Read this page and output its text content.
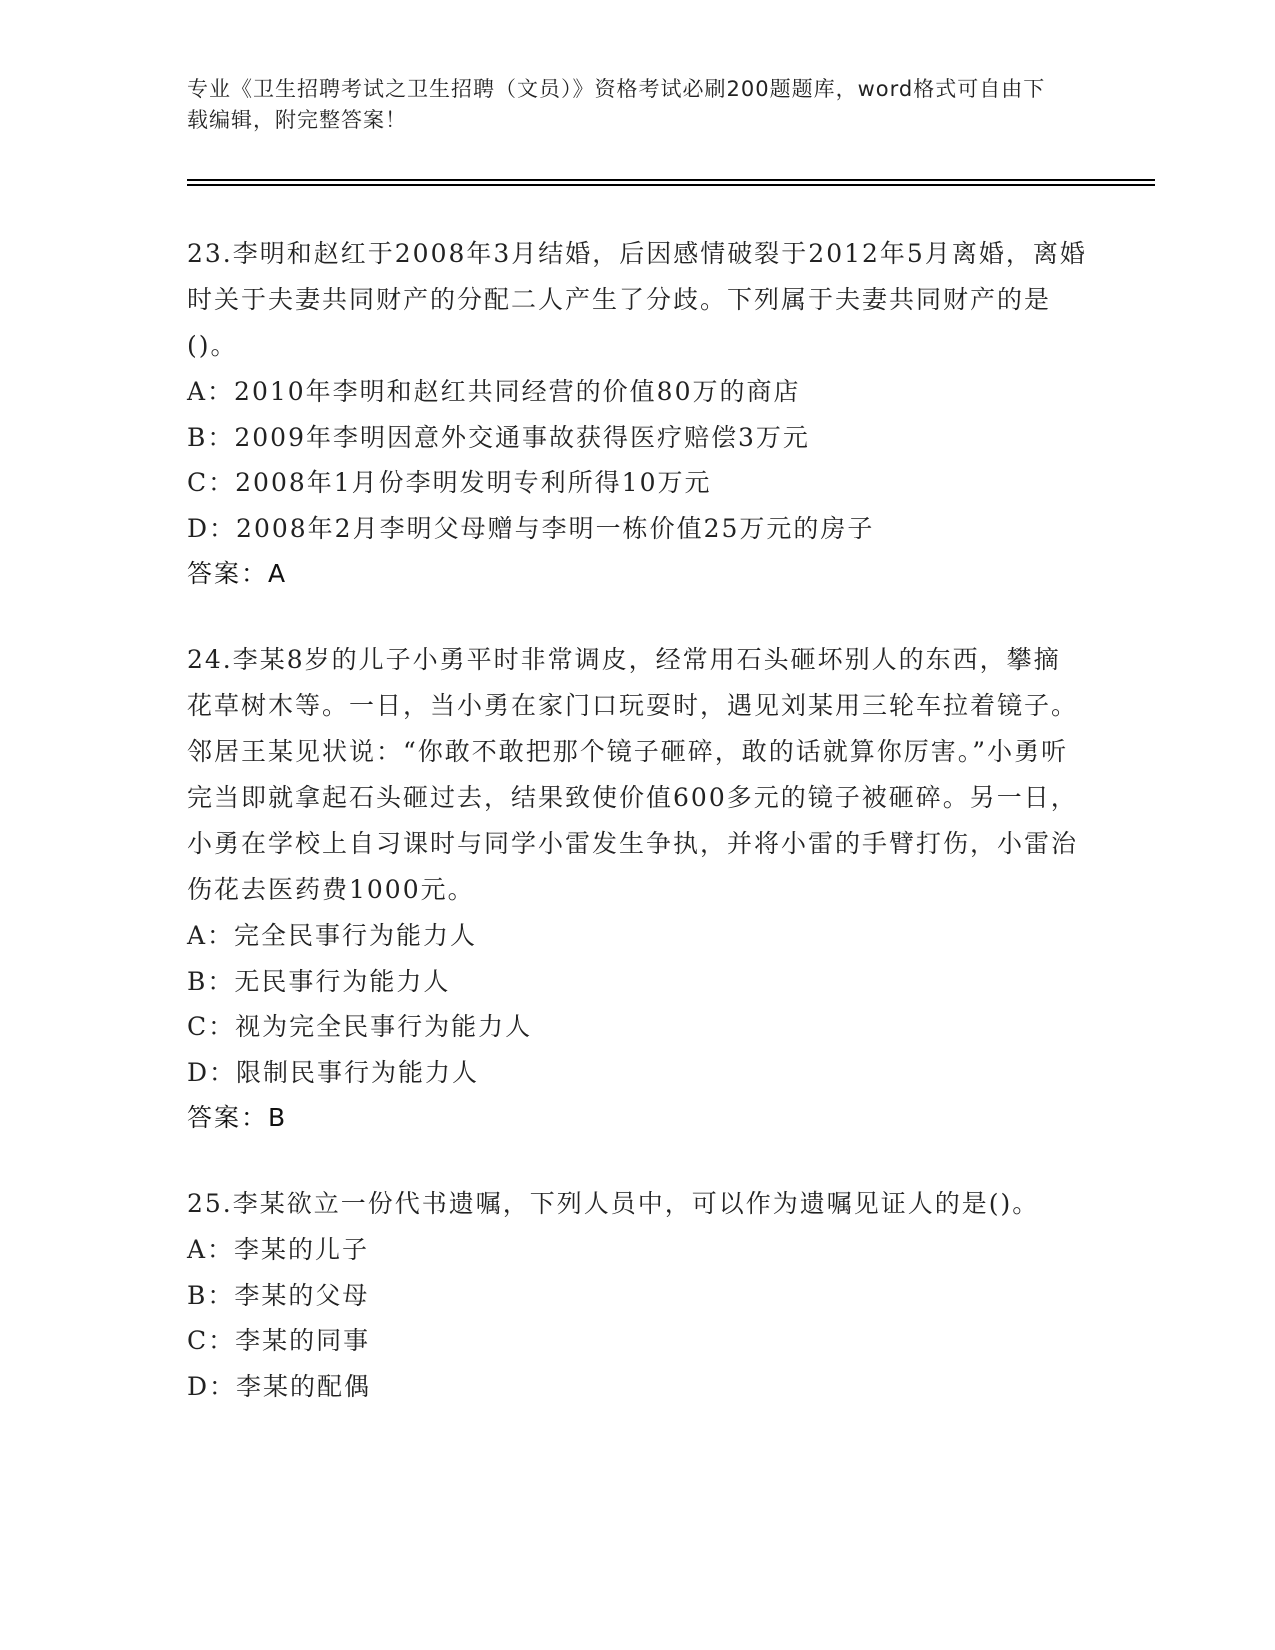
专业《卫生招聘考试之卫生招聘（文员）》资格考试必刷200题题库，word格式可自由下载编辑，附完整答案！

23.李明和赵红于2008年3月结婚，后因感情破裂于2012年5月离婚，离婚时关于夫妻共同财产的分配二人产生了分歧。下列属于夫妻共同财产的是()。

A：2010年李明和赵红共同经营的价值80万的商店

B：2009年李明因意外交通事故获得医疗赔偿3万元

C：2008年1月份李明发明专利所得10万元

D：2008年2月李明父母赠与李明一栋价值25万元的房子

答案：A

24.李某8岁的儿子小勇平时非常调皮，经常用石头砸坏别人的东西，攀摘花草树木等。一日，当小勇在家门口玩耍时，遇见刘某用三轮车拉着镜子。邻居王某见状说：“你敢不敢把那个镜子砸碎，敢的话就算你厉害。”小勇听完当即就拿起石头砸过去，结果致使价值600多元的镜子被砸碎。另一日，小勇在学校上自习课时与同学小雷发生争执，并将小雷的手臂打伤，小雷治伤花去医药费1000元。

A：完全民事行为能力人

B：无民事行为能力人

C：视为完全民事行为能力人

D：限制民事行为能力人

答案：B

25.李某欲立一份代书遗嘱，下列人员中，可以作为遗嘱见证人的是()。

A：李某的儿子

B：李某的父母

C：李某的同事

D：李某的配偶
